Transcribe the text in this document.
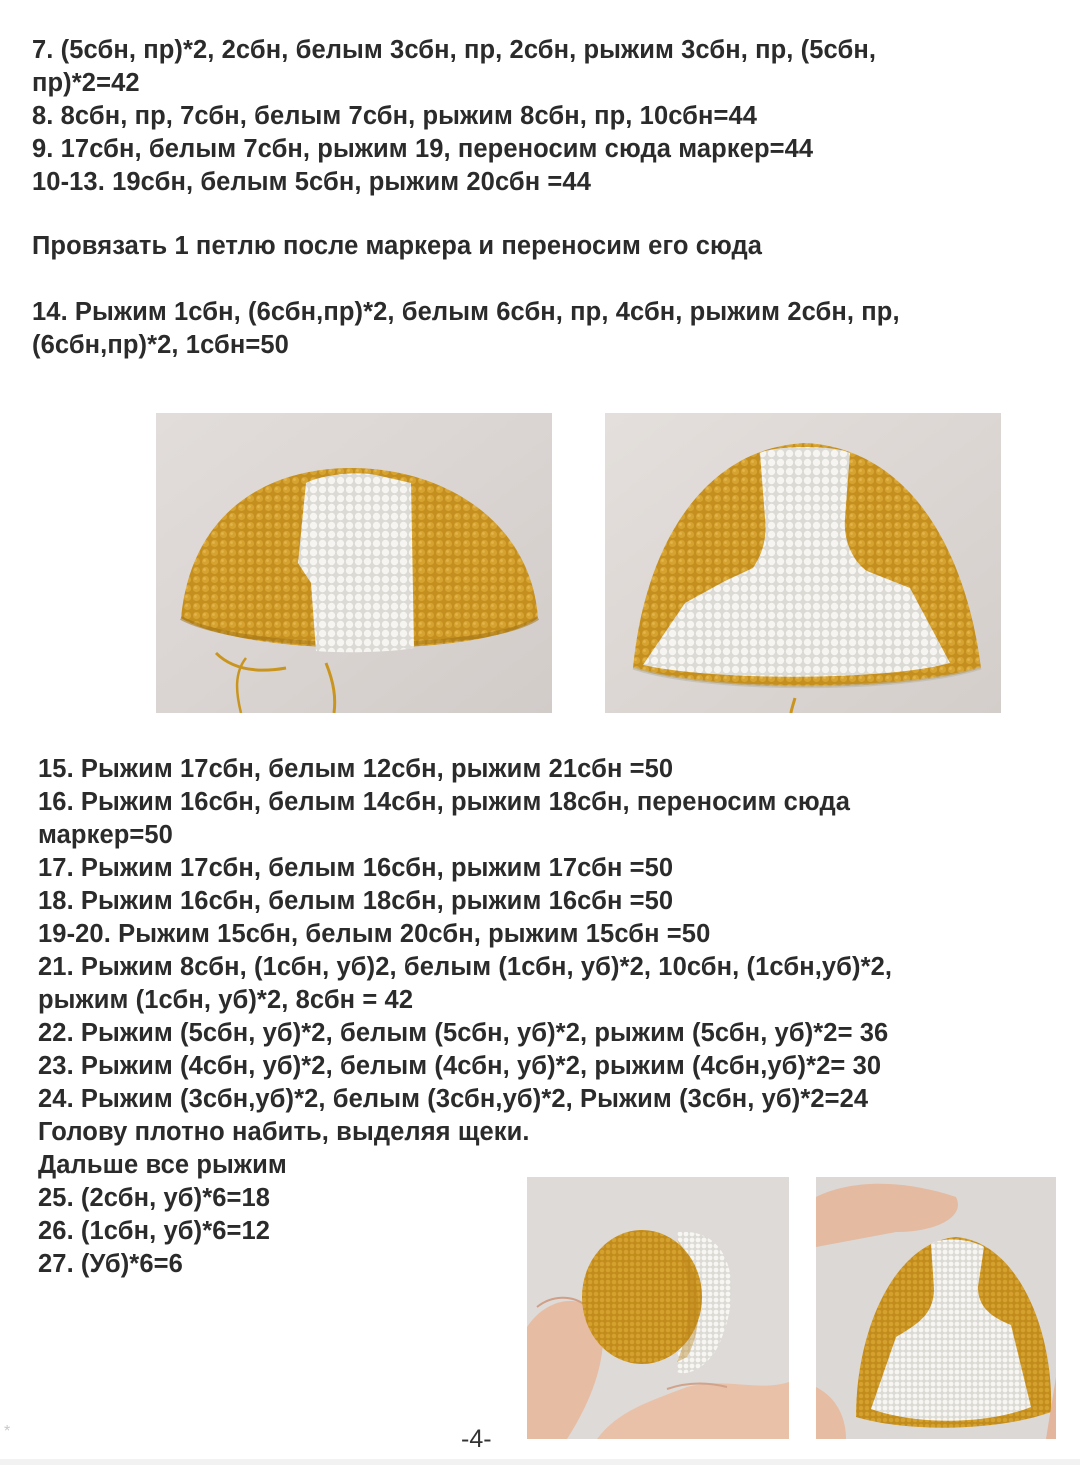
7. (5сбн, пр)*2, 2сбн, белым 3сбн, пр, 2сбн, рыжим 3сбн, пр, (5сбн,
пр)*2=42
8. 8сбн, пр, 7сбн, белым 7сбн, рыжим 8сбн, пр, 10сбн=44
9. 17сбн, белым 7сбн, рыжим 19, переносим сюда маркер=44
10-13. 19сбн, белым 5сбн, рыжим 20сбн =44
Провязать 1 петлю после маркера и переносим его сюда
14. Рыжим 1сбн, (6сбн,пр)*2, белым 6сбн, пр, 4сбн, рыжим 2сбн, пр,
(6сбн,пр)*2, 1сбн=50
15. Рыжим 17сбн, белым 12сбн, рыжим 21сбн =50
16. Рыжим 16сбн, белым 14сбн, рыжим 18сбн, переносим сюда
маркер=50
17. Рыжим 17сбн, белым 16сбн, рыжим 17сбн =50
18. Рыжим 16сбн, белым 18сбн, рыжим 16сбн =50
19-20. Рыжим 15сбн, белым 20сбн, рыжим 15сбн =50
21. Рыжим 8сбн, (1сбн, уб)2, белым (1сбн, уб)*2, 10сбн, (1сбн,уб)*2,
рыжим (1сбн, уб)*2, 8сбн = 42
22. Рыжим (5сбн, уб)*2, белым (5сбн, уб)*2, рыжим (5сбн, уб)*2= 36
23. Рыжим (4сбн, уб)*2, белым (4сбн, уб)*2, рыжим (4сбн,уб)*2= 30
24. Рыжим (3сбн,уб)*2, белым (3сбн,уб)*2, Рыжим (3сбн, уб)*2=24
Голову плотно набить, выделяя щеки.
Дальше все рыжим
25. (2сбн, уб)*6=18
26. (1сбн, уб)*6=12
27. (Уб)*6=6
*	-4-
